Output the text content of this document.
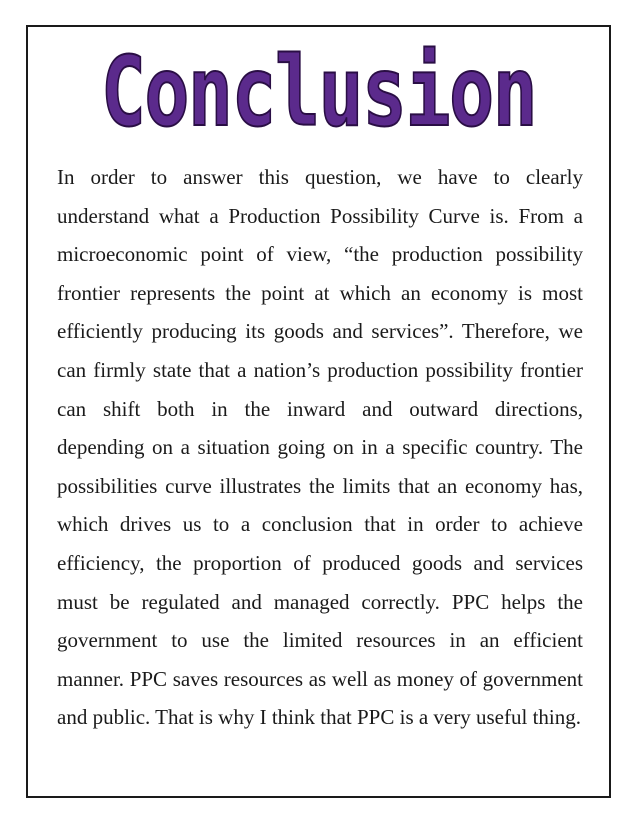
Conclusion

In order to answer this question, we have to clearly understand what a Production Possibility Curve is. From a microeconomic point of view, “the production possibility frontier represents the point at which an economy is most efficiently producing its goods and services”. Therefore, we can firmly state that a nation’s production possibility frontier can shift both in the inward and outward directions, depending on a situation going on in a specific country. The possibilities curve illustrates the limits that an economy has, which drives us to a conclusion that in order to achieve efficiency, the proportion of produced goods and services must be regulated and managed correctly. PPC helps the government to use the limited resources in an efficient manner. PPC saves resources as well as money of government and public. That is why I think that PPC is a very useful thing.
